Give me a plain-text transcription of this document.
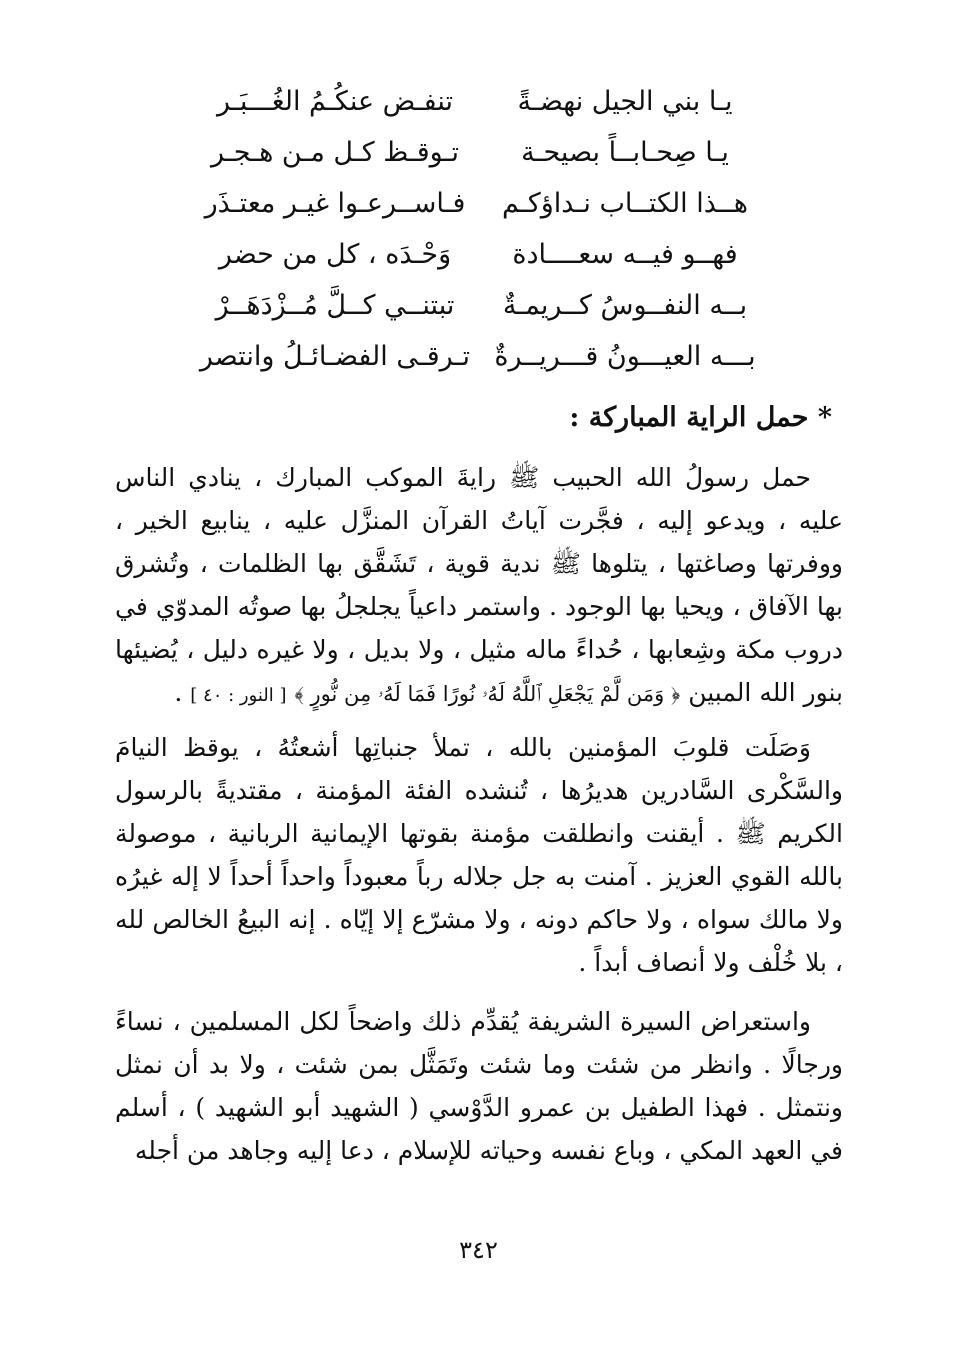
يـا بني الجيل نهضـةً
تنفـض عنكُـمُ الغُـــبَـر
يـا صِحـابــاً بصيحـة
تـوقـظ كـل مـن هـجـر
هــذا الكتــاب نـداؤكـم
فـاســرعـوا غيـر معتـذَر
فهــو فيــه سعــــادة
وَحْـدَه ، كل من حضر
بــه النفــوسُ كــريمـةٌ
تبتنــي كــلَّ مُــزْدَهَــرْ
بـــه العيـــونُ قـــريــرةٌ
تـرقـى الفضـائـلُ وانتصر
* حمل الراية المباركة :

حمل رسولُ الله الحبيب ﷺ رايةَ الموكب المبارك ، ينادي الناس عليه ، ويدعو إليه ، فجَّرت آياتُ القرآن المنزَّل عليه ، ينابيع الخير ، ووفرتها وصاغتها ، يتلوها ﷺ ندية قوية ، تَشَقَّق بها الظلمات ، وتُشرق بها الآفاق ، ويحيا بها الوجود . واستمر داعياً يجلجلُ بها صوتُه المدوّي في دروب مكة وشِعابها ، حُداءً ماله مثيل ، ولا بديل ، ولا غيره دليل ، يُضيئها بنور الله المبين ﴿ وَمَن لَّمْ يَجْعَلِ ٱللَّهُ لَهُۥ نُورًا فَمَا لَهُۥ مِن نُّورٍ ﴾ [ النور : ٤٠ ] .

وَصَلَت قلوبَ المؤمنين بالله ، تملأ جنباتِها أشعتُهُ ، يوقظ النيامَ والسَّكْرى السَّادرين هديرُها ، تُنشده الفئة المؤمنة ، مقتديةً بالرسول الكريم ﷺ . أيقنت وانطلقت مؤمنة بقوتها الإيمانية الربانية ، موصولة بالله القوي العزيز . آمنت به جل جلاله رباً معبوداً واحداً أحداً لا إله غيرُه ولا مالك سواه ، ولا حاكم دونه ، ولا مشرّع إلا إيّاه . إنه البيعُ الخالص لله ، بلا خُلْف ولا أنصاف أبداً .

واستعراض السيرة الشريفة يُقدِّم ذلك واضحاً لكل المسلمين ، نساءً ورجالًا . وانظر من شئت وما شئت وتَمَثَّل بمن شئت ، ولا بد أن نمثل ونتمثل . فهذا الطفيل بن عمرو الدَّوْسي ( الشهيد أبو الشهيد ) ، أسلم في العهد المكي ، وباع نفسه وحياته للإسلام ، دعا إليه وجاهد من أجله

٣٤٢
